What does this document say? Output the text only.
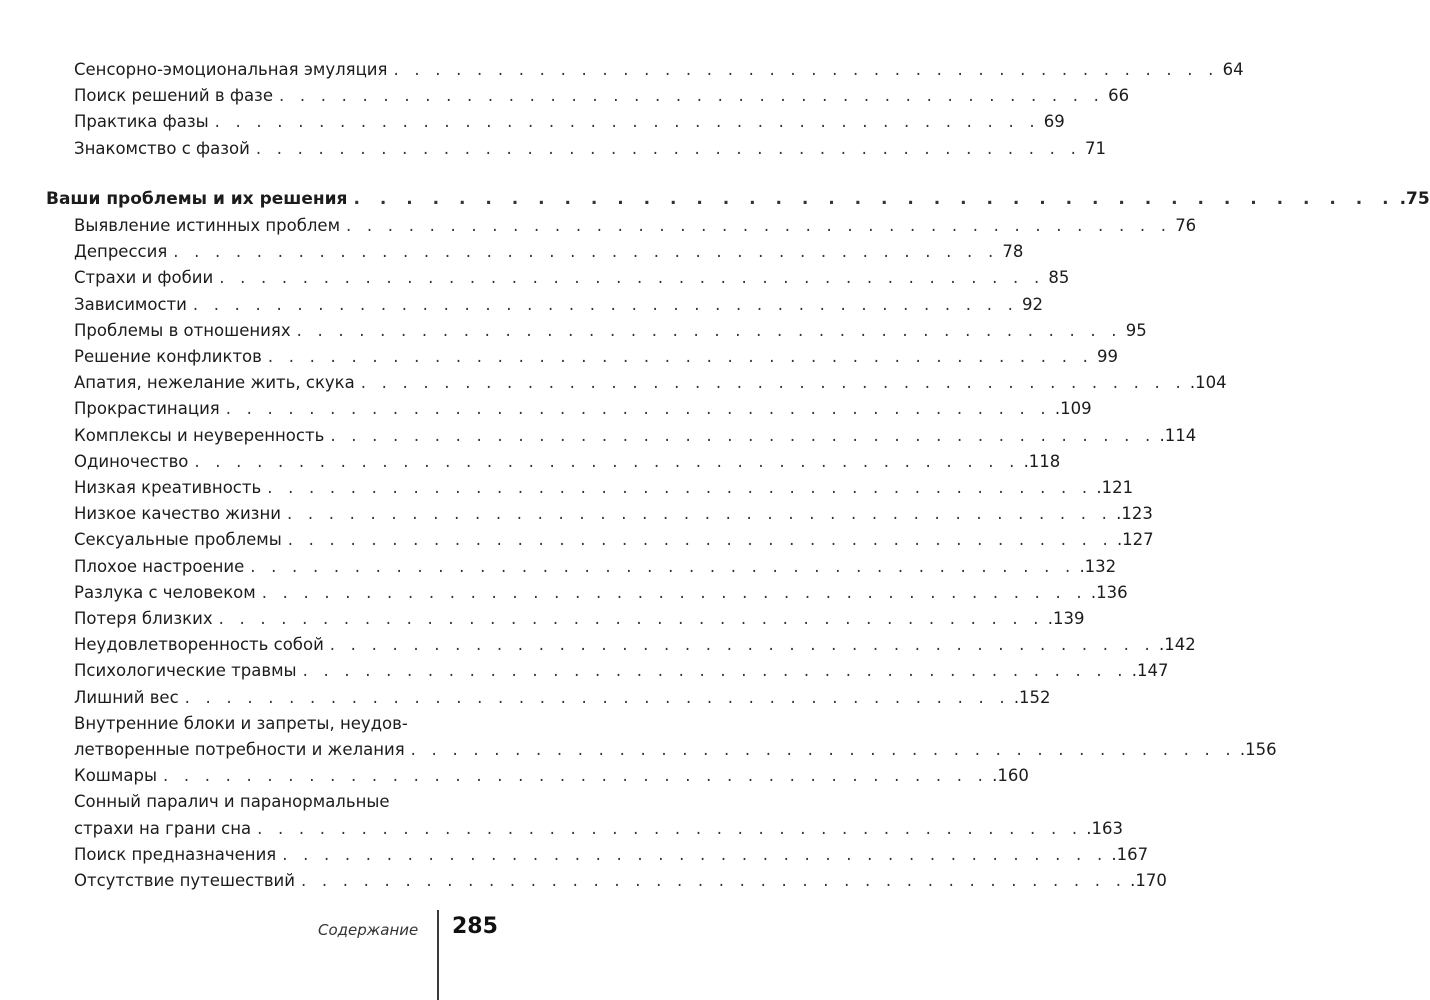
Сенсорно-эмоциональная эмуляция . . . . . . . . . . . . . . . . . . . . . . . . . . . . . . . . . . . . . . . . 64
Поиск решений в фазе . . . . . . . . . . . . . . . . . . . . . . . . . . . . . . . . . . . . . . . . 66
Практика фазы . . . . . . . . . . . . . . . . . . . . . . . . . . . . . . . . . . . . . . . . 69
Знакомство с фазой . . . . . . . . . . . . . . . . . . . . . . . . . . . . . . . . . . . . . . . . 71
Ваши проблемы и их решения . . . . . . . . . . . . . . . . . . . . . . . . . . . . . . . . . . . . . . . . .75
Выявление истинных проблем . . . . . . . . . . . . . . . . . . . . . . . . . . . . . . . . . . . . . . . . 76
Депрессия . . . . . . . . . . . . . . . . . . . . . . . . . . . . . . . . . . . . . . . . 78
Страхи и фобии . . . . . . . . . . . . . . . . . . . . . . . . . . . . . . . . . . . . . . . . 85
Зависимости . . . . . . . . . . . . . . . . . . . . . . . . . . . . . . . . . . . . . . . . 92
Проблемы в отношениях . . . . . . . . . . . . . . . . . . . . . . . . . . . . . . . . . . . . . . . . 95
Решение конфликтов . . . . . . . . . . . . . . . . . . . . . . . . . . . . . . . . . . . . . . . . 99
Апатия, нежелание жить, скука . . . . . . . . . . . . . . . . . . . . . . . . . . . . . . . . . . . . . . . . .104
Прокрастинация . . . . . . . . . . . . . . . . . . . . . . . . . . . . . . . . . . . . . . . . .109
Комплексы и неуверенность . . . . . . . . . . . . . . . . . . . . . . . . . . . . . . . . . . . . . . . . .114
Одиночество . . . . . . . . . . . . . . . . . . . . . . . . . . . . . . . . . . . . . . . . .118
Низкая креативность . . . . . . . . . . . . . . . . . . . . . . . . . . . . . . . . . . . . . . . . .121
Низкое качество жизни . . . . . . . . . . . . . . . . . . . . . . . . . . . . . . . . . . . . . . . . .123
Сексуальные проблемы . . . . . . . . . . . . . . . . . . . . . . . . . . . . . . . . . . . . . . . . .127
Плохое настроение . . . . . . . . . . . . . . . . . . . . . . . . . . . . . . . . . . . . . . . . .132
Разлука с человеком . . . . . . . . . . . . . . . . . . . . . . . . . . . . . . . . . . . . . . . . .136
Потеря близких . . . . . . . . . . . . . . . . . . . . . . . . . . . . . . . . . . . . . . . . .139
Неудовлетворенность собой . . . . . . . . . . . . . . . . . . . . . . . . . . . . . . . . . . . . . . . . .142
Психологические травмы . . . . . . . . . . . . . . . . . . . . . . . . . . . . . . . . . . . . . . . . .147
Лишний вес . . . . . . . . . . . . . . . . . . . . . . . . . . . . . . . . . . . . . . . . .152
Внутренние блоки и запреты, неудов-
летворенные потребности и желания . . . . . . . . . . . . . . . . . . . . . . . . . . . . . . . . . . . . . . . . .156
Кошмары . . . . . . . . . . . . . . . . . . . . . . . . . . . . . . . . . . . . . . . . .160
Сонный паралич и паранормальные
страхи на грани сна . . . . . . . . . . . . . . . . . . . . . . . . . . . . . . . . . . . . . . . . .163
Поиск предназначения . . . . . . . . . . . . . . . . . . . . . . . . . . . . . . . . . . . . . . . . .167
Отсутствие путешествий . . . . . . . . . . . . . . . . . . . . . . . . . . . . . . . . . . . . . . . . .170
Содержание 285
